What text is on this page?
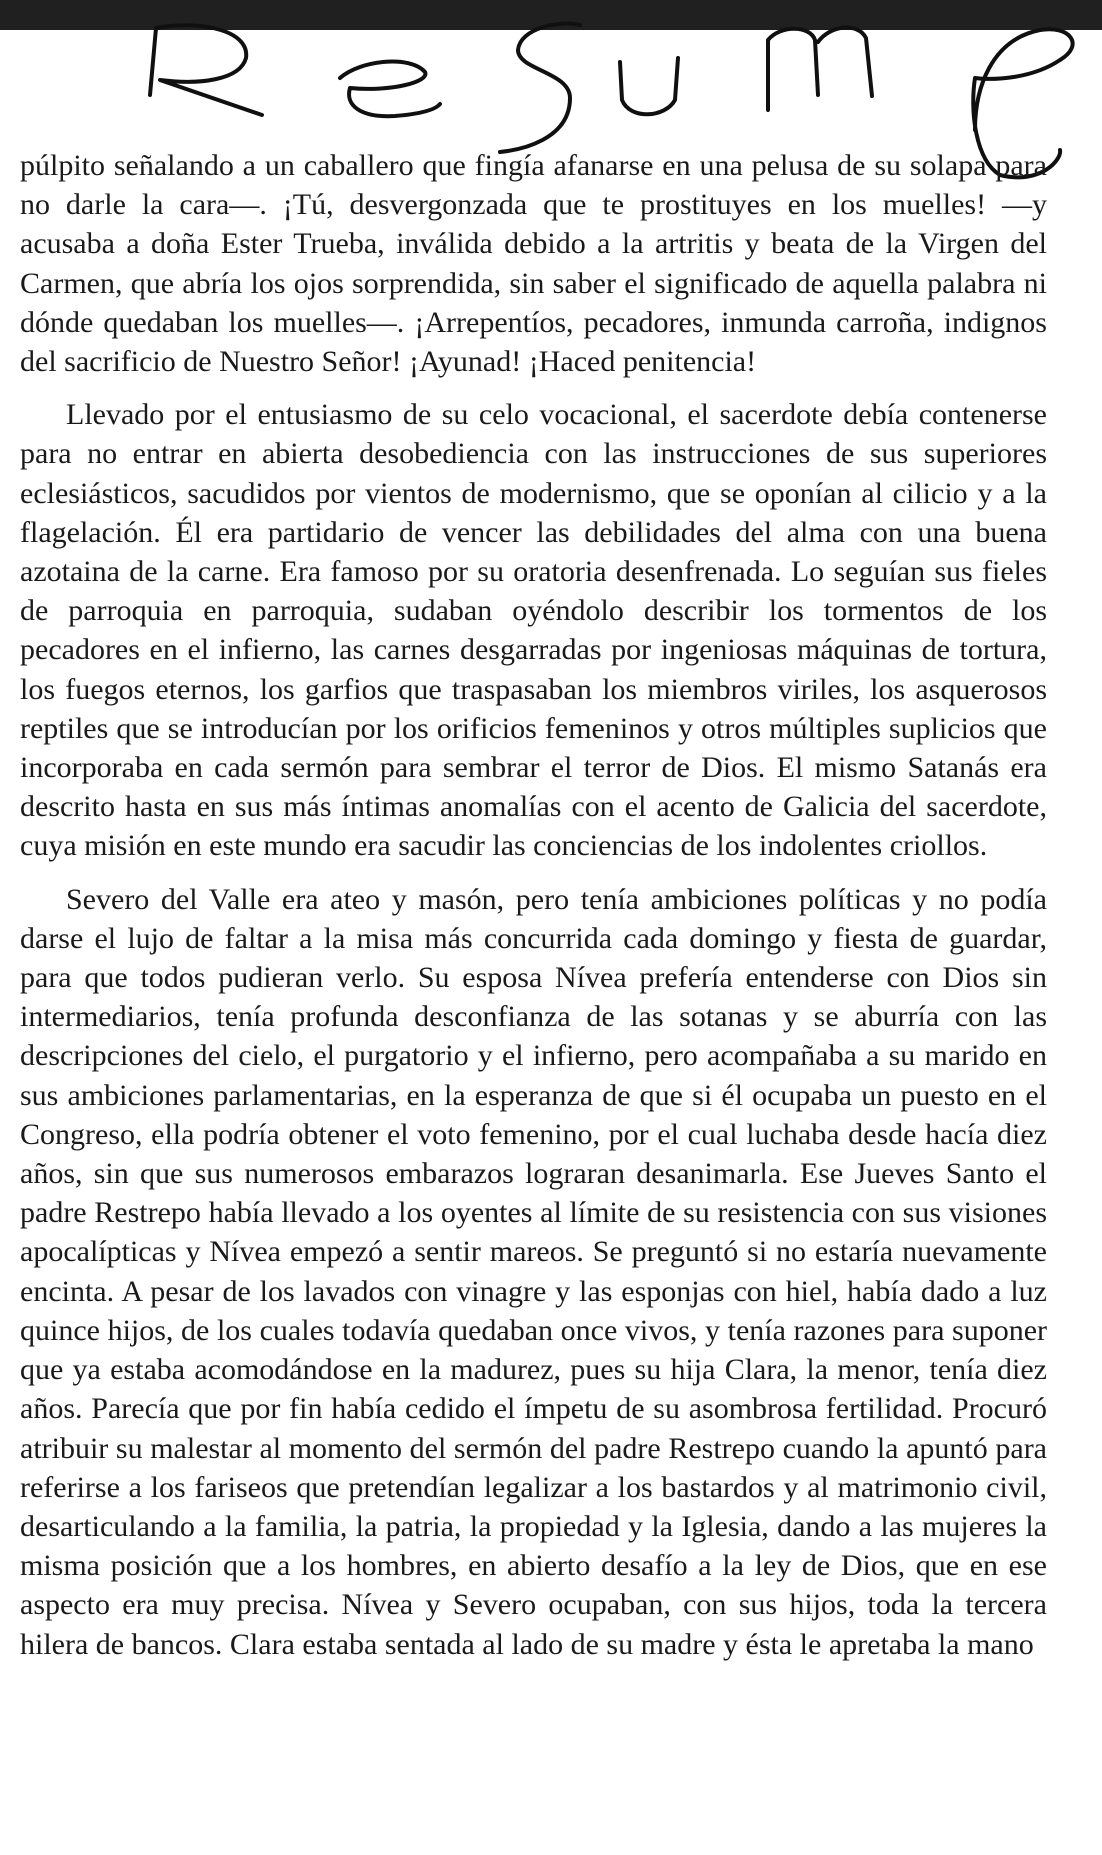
púlpito señalando a un caballero que fingía afanarse en una pelusa de su solapa para no darle la cara—. ¡Tú, desvergonzada que te prostituyes en los muelles! —y acusaba a doña Ester Trueba, inválida debido a la artritis y beata de la Virgen del Carmen, que abría los ojos sorprendida, sin saber el significado de aquella palabra ni dónde quedaban los muelles—. ¡Arrepentíos, pecadores, inmunda carroña, indignos del sacrificio de Nuestro Señor! ¡Ayunad! ¡Haced penitencia!

Llevado por el entusiasmo de su celo vocacional, el sacerdote debía contenerse para no entrar en abierta desobediencia con las instrucciones de sus superiores eclesiásticos, sacudidos por vientos de modernismo, que se oponían al cilicio y a la flagelación. Él era partidario de vencer las debilidades del alma con una buena azotaina de la carne. Era famoso por su oratoria desenfrenada. Lo seguían sus fieles de parroquia en parroquia, sudaban oyéndolo describir los tormentos de los pecadores en el infierno, las carnes desgarradas por ingeniosas máquinas de tortura, los fuegos eternos, los garfios que traspasaban los miembros viriles, los asquerosos reptiles que se introducían por los orificios femeninos y otros múltiples suplicios que incorporaba en cada sermón para sembrar el terror de Dios. El mismo Satanás era descrito hasta en sus más íntimas anomalías con el acento de Galicia del sacerdote, cuya misión en este mundo era sacudir las conciencias de los indolentes criollos.

Severo del Valle era ateo y masón, pero tenía ambiciones políticas y no podía darse el lujo de faltar a la misa más concurrida cada domingo y fiesta de guardar, para que todos pudieran verlo. Su esposa Nívea prefería entenderse con Dios sin intermediarios, tenía profunda desconfianza de las sotanas y se aburría con las descripciones del cielo, el purgatorio y el infierno, pero acompañaba a su marido en sus ambiciones parlamentarias, en la esperanza de que si él ocupaba un puesto en el Congreso, ella podría obtener el voto femenino, por el cual luchaba desde hacía diez años, sin que sus numerosos embarazos lograran desanimarla. Ese Jueves Santo el padre Restrepo había llevado a los oyentes al límite de su resistencia con sus visiones apocalípticas y Nívea empezó a sentir mareos. Se preguntó si no estaría nuevamente encinta. A pesar de los lavados con vinagre y las esponjas con hiel, había dado a luz quince hijos, de los cuales todavía quedaban once vivos, y tenía razones para suponer que ya estaba acomodándose en la madurez, pues su hija Clara, la menor, tenía diez años. Parecía que por fin había cedido el ímpetu de su asombrosa fertilidad. Procuró atribuir su malestar al momento del sermón del padre Restrepo cuando la apuntó para referirse a los fariseos que pretendían legalizar a los bastardos y al matrimonio civil, desarticulando a la familia, la patria, la propiedad y la Iglesia, dando a las mujeres la misma posición que a los hombres, en abierto desafío a la ley de Dios, que en ese aspecto era muy precisa. Nívea y Severo ocupaban, con sus hijos, toda la tercera hilera de bancos. Clara estaba sentada al lado de su madre y ésta le apretaba la mano
